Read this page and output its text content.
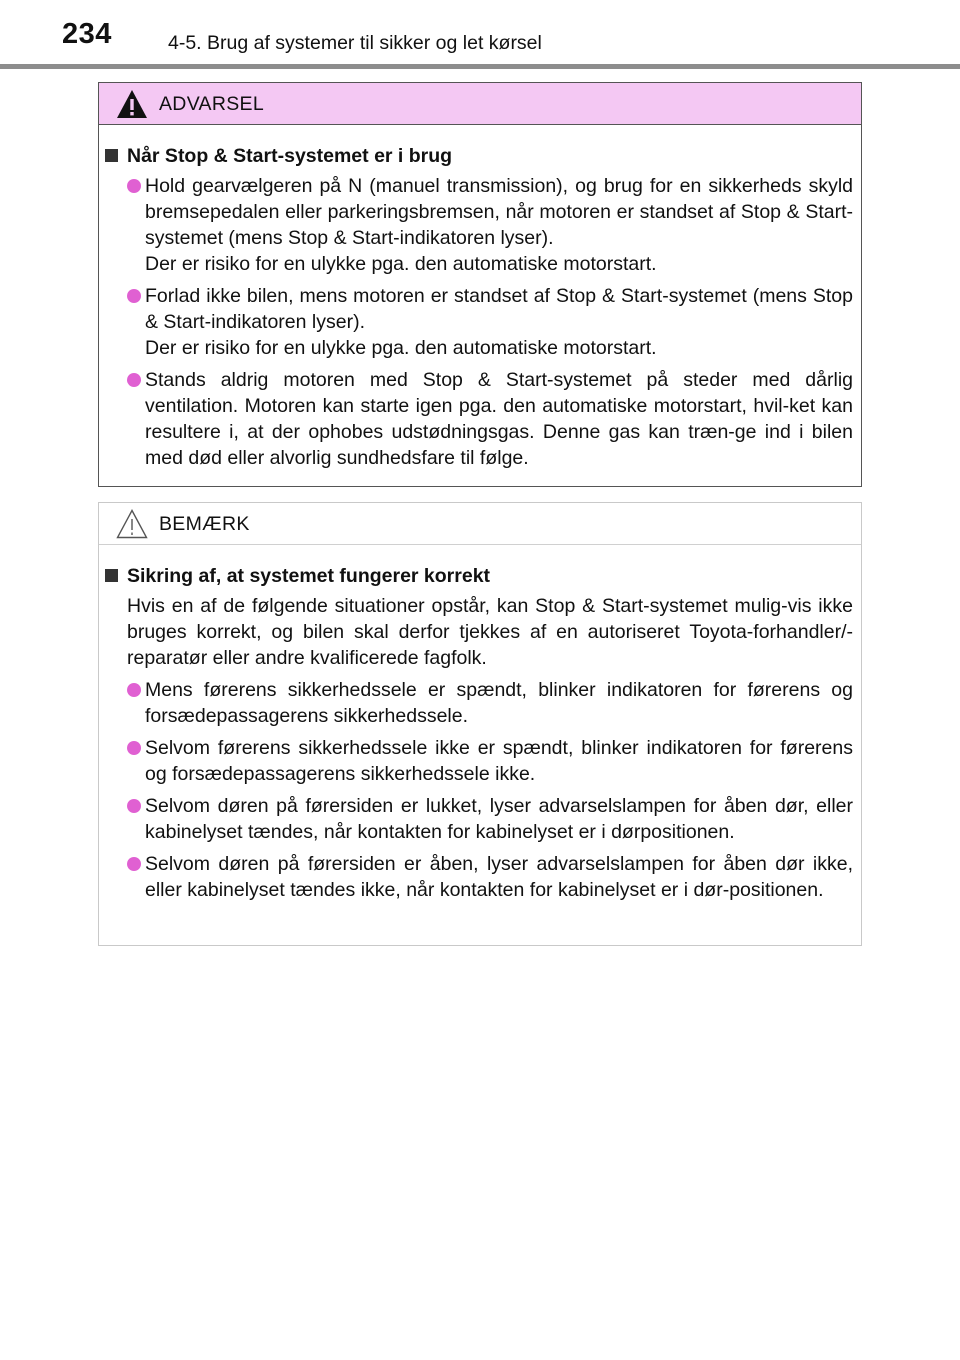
234	4-5. Brug af systemer til sikker og let kørsel
ADVARSEL
Når Stop & Start-systemet er i brug
Hold gearvælgeren på N (manuel transmission), og brug for en sikkerheds skyld bremsepedalen eller parkeringsbremsen, når motoren er standset af Stop & Start-systemet (mens Stop & Start-indikatoren lyser).
Der er risiko for en ulykke pga. den automatiske motorstart.
Forlad ikke bilen, mens motoren er standset af Stop & Start-systemet (mens Stop & Start-indikatoren lyser).
Der er risiko for en ulykke pga. den automatiske motorstart.
Stands aldrig motoren med Stop & Start-systemet på steder med dårlig ventilation. Motoren kan starte igen pga. den automatiske motorstart, hvil-ket kan resultere i, at der ophobes udstødningsgas. Denne gas kan træn-ge ind i bilen med død eller alvorlig sundhedsfare til følge.
BEMÆRK
Sikring af, at systemet fungerer korrekt
Hvis en af de følgende situationer opstår, kan Stop & Start-systemet mulig-vis ikke bruges korrekt, og bilen skal derfor tjekkes af en autoriseret Toyota-forhandler/-reparatør eller andre kvalificerede fagfolk.
Mens førerens sikkerhedssele er spændt, blinker indikatoren for førerens og forsædepassagerens sikkerhedssele.
Selvom førerens sikkerhedssele ikke er spændt, blinker indikatoren for førerens og forsædepassagerens sikkerhedssele ikke.
Selvom døren på førersiden er lukket, lyser advarselslampen for åben dør, eller kabinelyset tændes, når kontakten for kabinelyset er i dørpositionen.
Selvom døren på førersiden er åben, lyser advarselslampen for åben dør ikke, eller kabinelyset tændes ikke, når kontakten for kabinelyset er i dør-positionen.
